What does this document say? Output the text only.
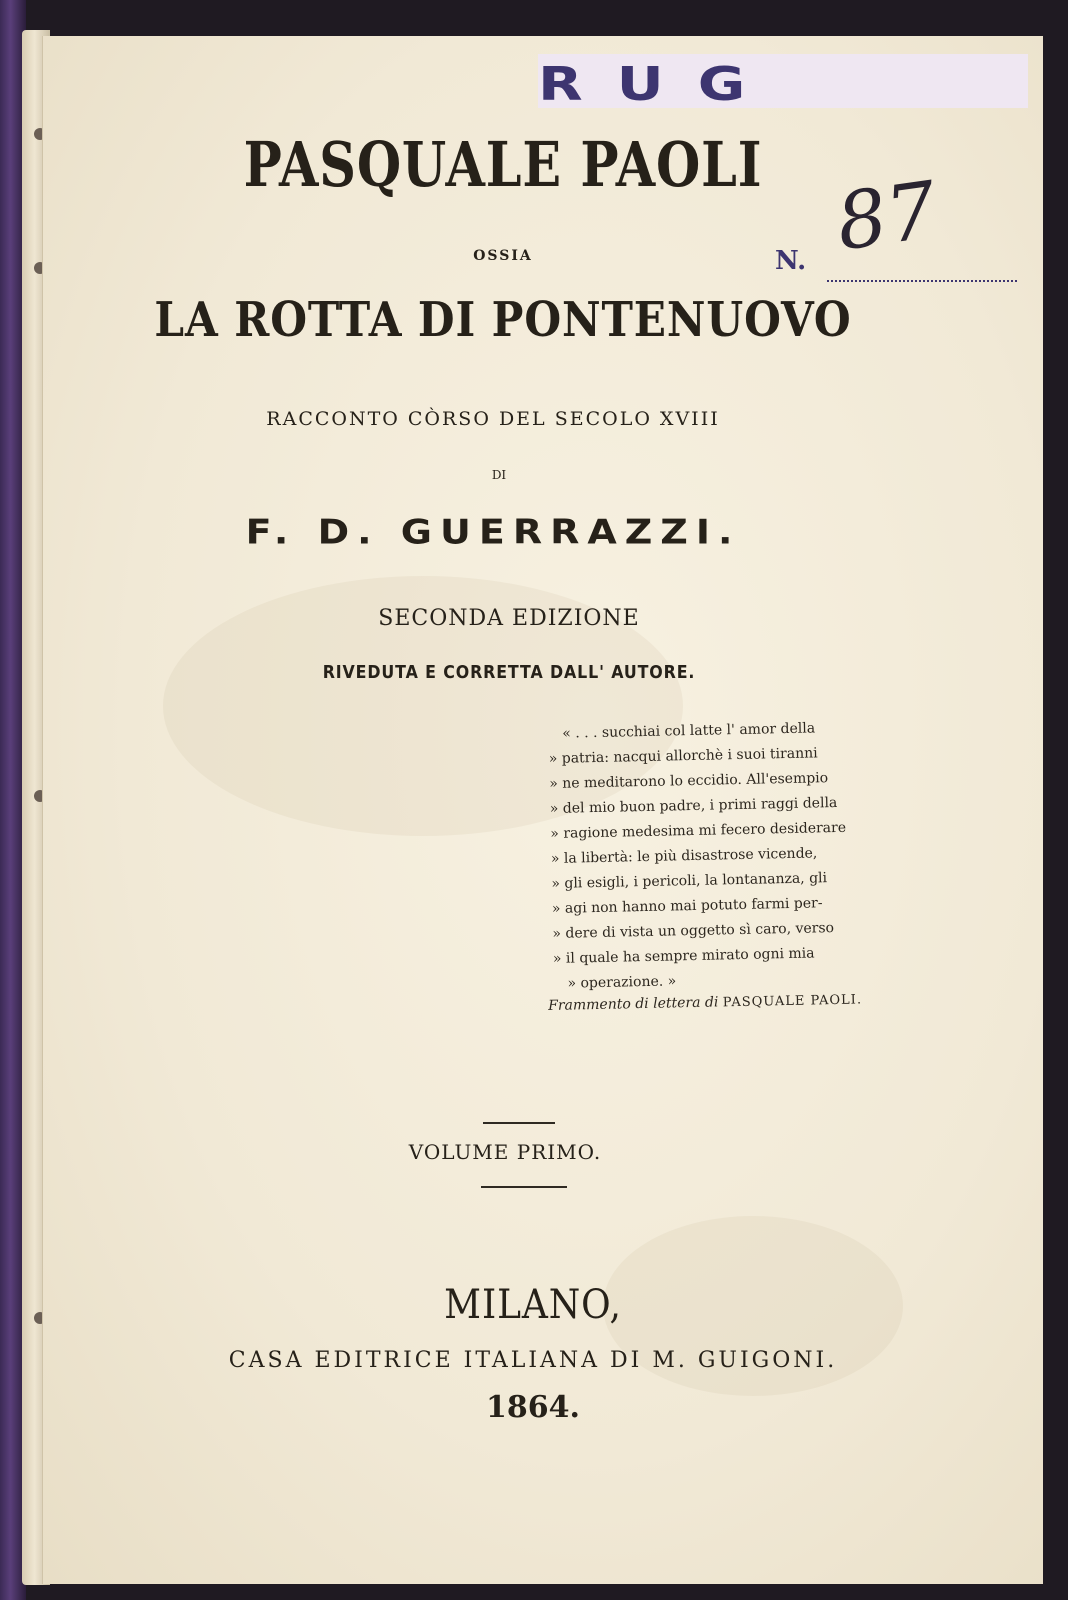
RUG
N. 87
PASQUALE PAOLI
OSSIA
LA ROTTA DI PONTENUOVO
RACCONTO CÒRSO DEL SECOLO XVIII
DI
F. D. GUERRAZZI.
SECONDA EDIZIONE
RIVEDUTA E CORRETTA DALL' AUTORE.
« . . . succhiai col latte l' amor della
» patria: nacqui allorchè i suoi tiranni
» ne meditarono lo eccidio. All'esempio
» del mio buon padre, i primi raggi della
» ragione medesima mi fecero desiderare
» la libertà: le più disastrose vicende,
» gli esigli, i pericoli, la lontananza, gli
» agi non hanno mai potuto farmi per-
» dere di vista un oggetto sì caro, verso
» il quale ha sempre mirato ogni mia
» operazione. »
Frammento di lettera di PASQUALE PAOLI.
VOLUME PRIMO.
MILANO,
CASA EDITRICE ITALIANA DI M. GUIGONI.
1864.
